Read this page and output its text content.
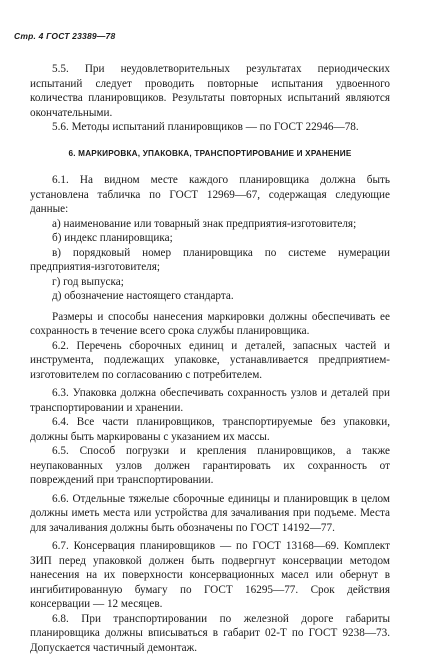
Стр. 4 ГОСТ 23389—78

5.5. При неудовлетворительных результатах периодических испытаний следует проводить повторные испытания удвоенного количества планировщиков. Результаты повторных испытаний являются окончательными.

5.6. Методы испытаний планировщиков — по ГОСТ 22946—78.

6. МАРКИРОВКА, УПАКОВКА, ТРАНСПОРТИРОВАНИЕ И ХРАНЕНИЕ

6.1. На видном месте каждого планировщика должна быть установлена табличка по ГОСТ 12969—67, содержащая следующие данные:

а) наименование или товарный знак предприятия-изготовителя;

б) индекс планировщика;

в) порядковый номер планировщика по системе нумерации предприятия-изготовителя;

г) год выпуска;

д) обозначение настоящего стандарта.

Размеры и способы нанесения маркировки должны обеспечивать ее сохранность в течение всего срока службы планировщика.

6.2. Перечень сборочных единиц и деталей, запасных частей и инструмента, подлежащих упаковке, устанавливается предприятием-изготовителем по согласованию с потребителем.

6.3. Упаковка должна обеспечивать сохранность узлов и деталей при транспортировании и хранении.

6.4. Все части планировщиков, транспортируемые без упаковки, должны быть маркированы с указанием их массы.

6.5. Способ погрузки и крепления планировщиков, а также неупакованных узлов должен гарантировать их сохранность от повреждений при транспортировании.

6.6. Отдельные тяжелые сборочные единицы и планировщик в целом должны иметь места или устройства для зачаливания при подъеме. Места для зачаливания должны быть обозначены по ГОСТ 14192—77.

6.7. Консервация планировщиков — по ГОСТ 13168—69. Комплект ЗИП перед упаковкой должен быть подвергнут консервации методом нанесения на их поверхности консервационных масел или обернут в ингибитированную бумагу по ГОСТ 16295—77. Срок действия консервации — 12 месяцев.

6.8. При транспортировании по железной дороге габариты планировщика должны вписываться в габарит 02-Т по ГОСТ 9238—73. Допускается частичный демонтаж.
